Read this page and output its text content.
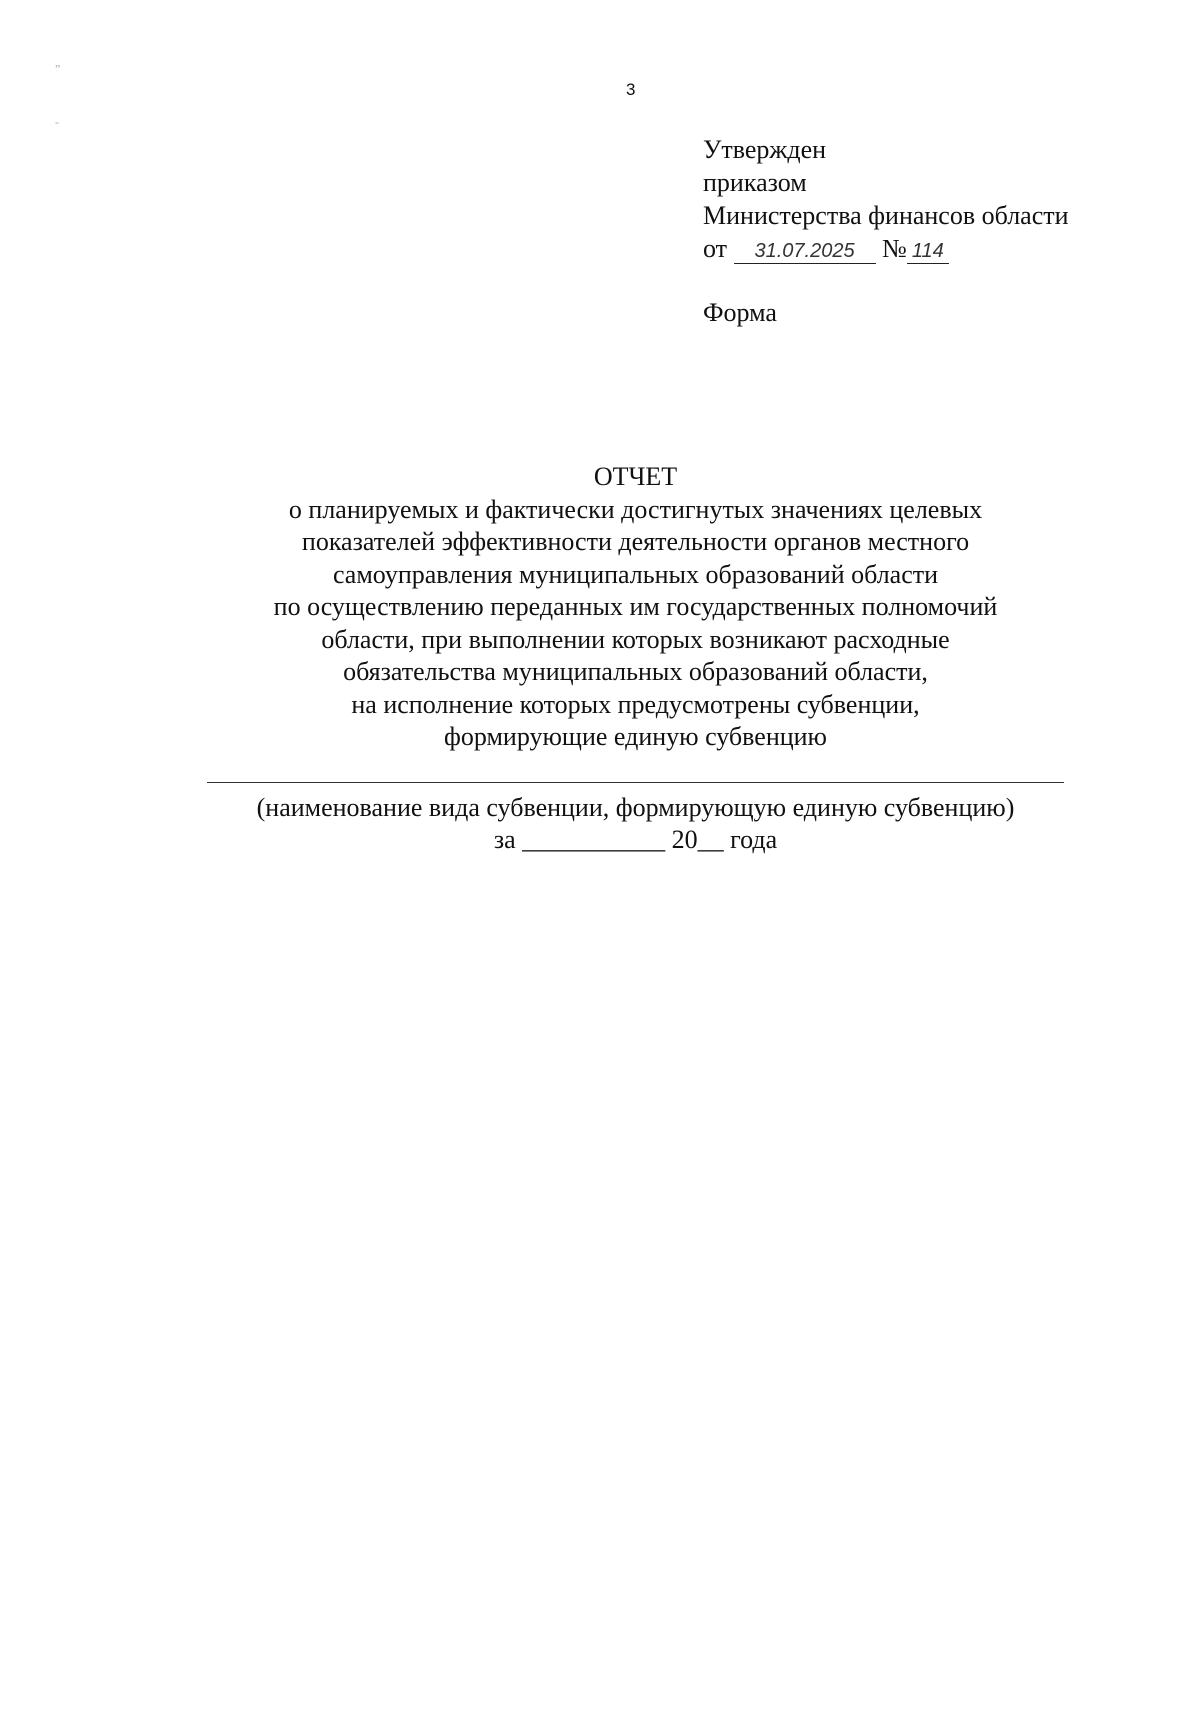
„
-
3
Утвержден
приказом
Министерства финансов области
от 31.07.2025 № 114
Форма
ОТЧЕТ
о планируемых и фактически достигнутых значениях целевых
показателей эффективности деятельности органов местного
самоуправления муниципальных образований области
по осуществлению переданных им государственных полномочий
области, при выполнении которых возникают расходные
обязательства муниципальных образований области,
на исполнение которых предусмотрены субвенции,
формирующие единую субвенцию
(наименование вида субвенции, формирующую единую субвенцию)
за ___________ 20__ года
